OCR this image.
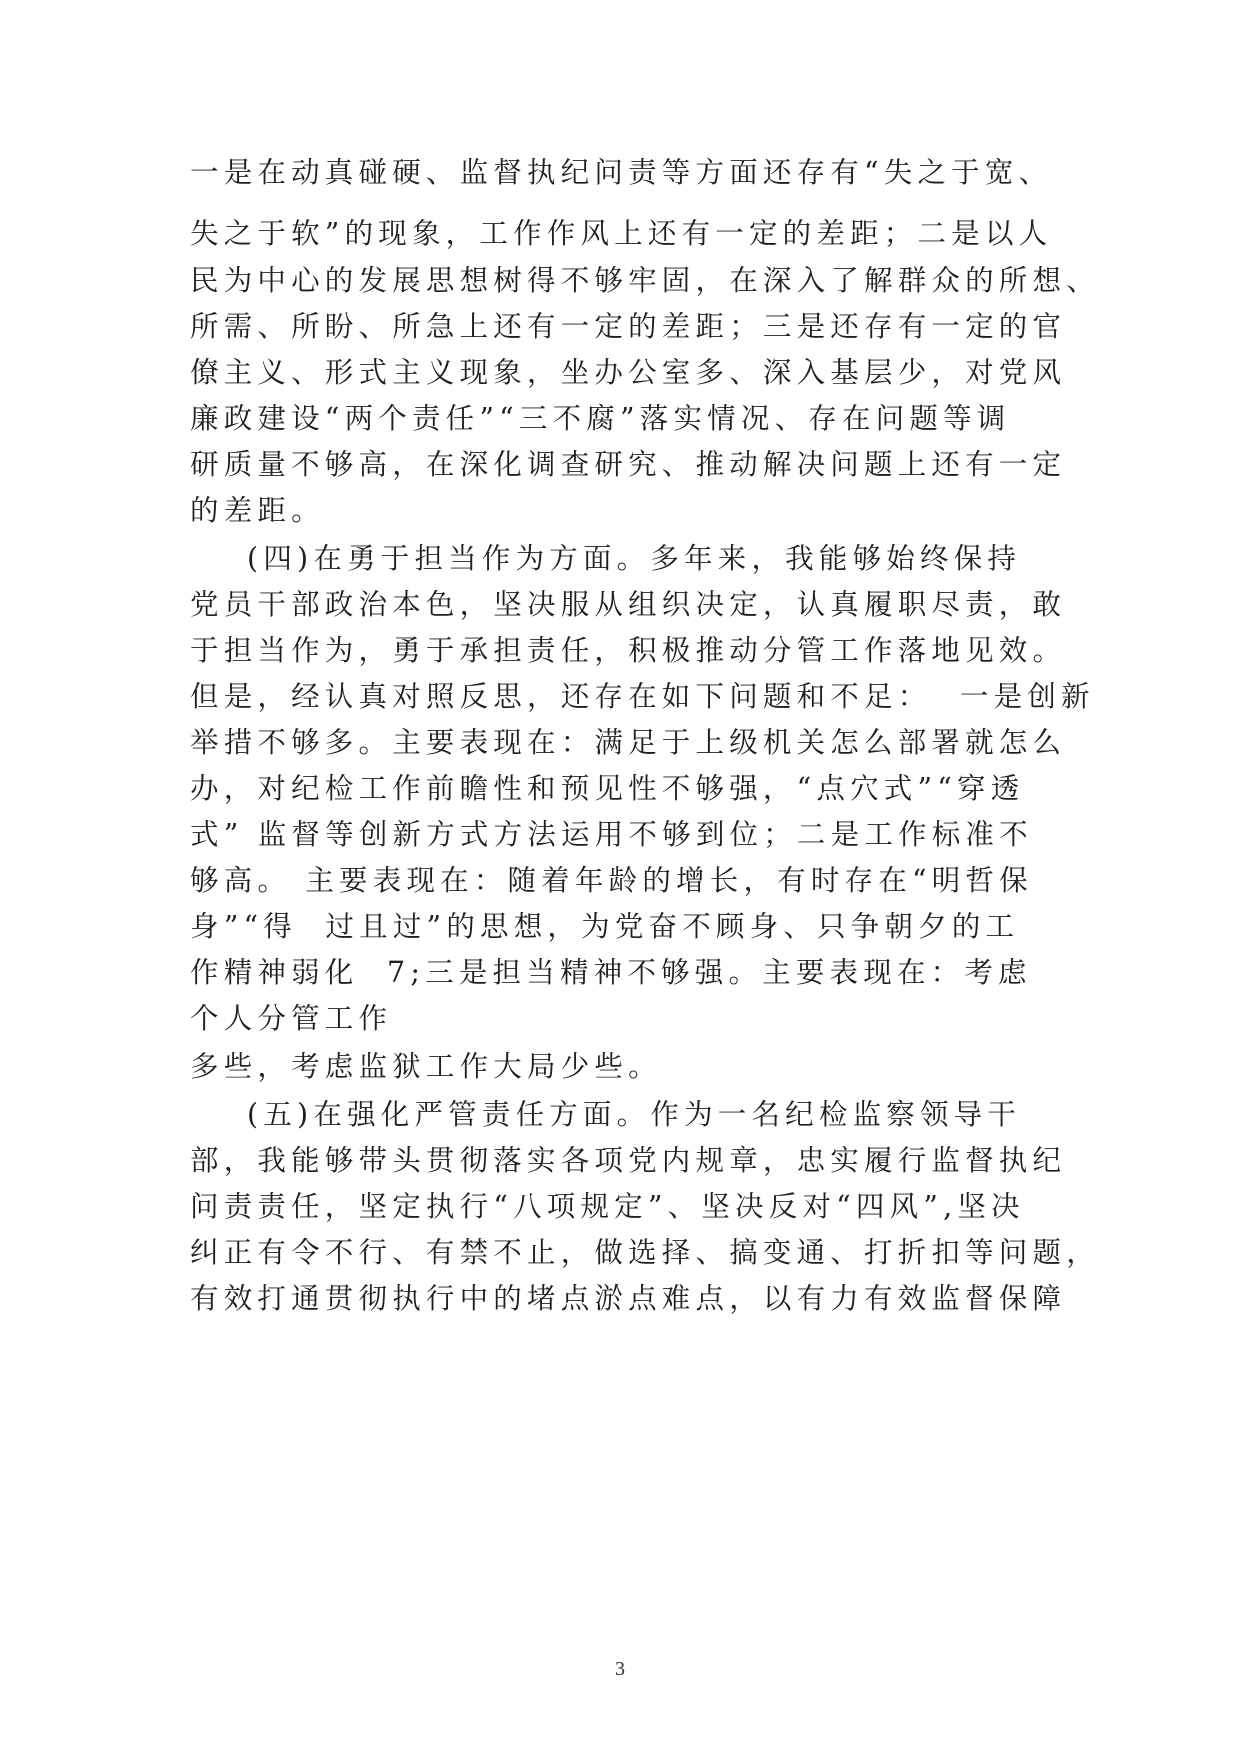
一是在动真碰硬、监督执纪问责等方面还存有“失之于宽、
失之于软”的现象，工作作风上还有一定的差距；二是以人
民为中心的发展思想树得不够牢固，在深入了解群众的所想、
所需、所盼、所急上还有一定的差距；三是还存有一定的官
僚主义、形式主义现象，坐办公室多、深入基层少，对党风
廉政建设“两个责任”“三不腐”落实情况、存在问题等调
研质量不够高，在深化调查研究、推动解决问题上还有一定
的差距。
(四)在勇于担当作为方面。多年来，我能够始终保持
党员干部政治本色，坚决服从组织决定，认真履职尽责，敢
于担当作为，勇于承担责任，积极推动分管工作落地见效。
但是，经认真对照反思，还存在如下问题和不足：  一是创新
举措不够多。主要表现在：满足于上级机关怎么部署就怎么
办，对纪检工作前瞻性和预见性不够强，“点穴式”“穿透
式” 监督等创新方式方法运用不够到位；二是工作标准不
够高。 主要表现在：随着年龄的增长，有时存在“明哲保
身”“得  过且过”的思想，为党奋不顾身、只争朝夕的工
作精神弱化  7;三是担当精神不够强。主要表现在：考虑
个人分管工作
多些，考虑监狱工作大局少些。
(五)在强化严管责任方面。作为一名纪检监察领导干
部，我能够带头贯彻落实各项党内规章，忠实履行监督执纪
问责责任，坚定执行“八项规定”、坚决反对“四风”,坚决
纠正有令不行、有禁不止，做选择、搞变通、打折扣等问题，
有效打通贯彻执行中的堵点淤点难点，以有力有效监督保障
3
